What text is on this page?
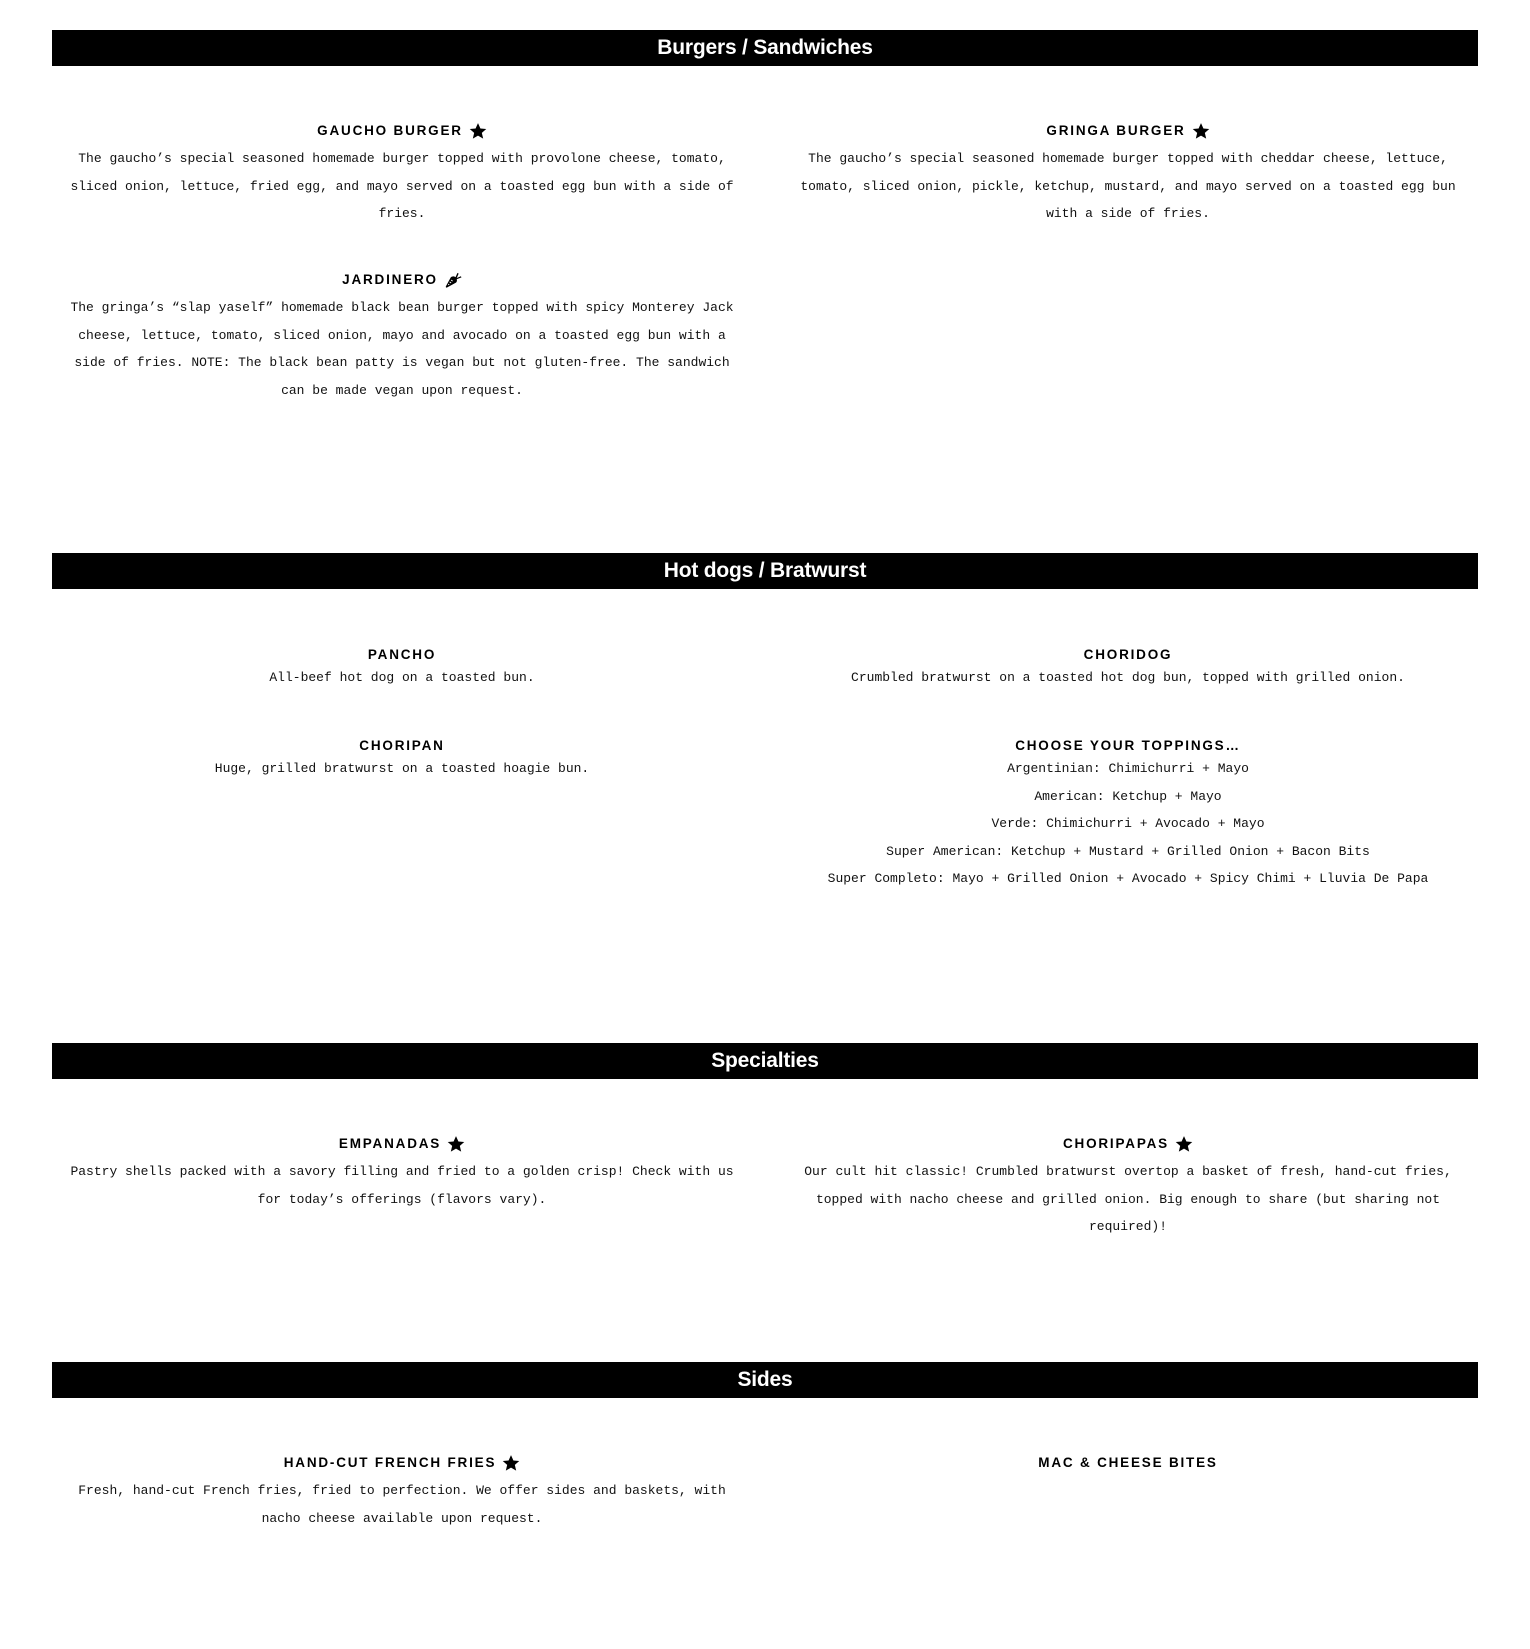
Burgers / Sandwiches
GAUCHO BURGER
The gaucho’s special seasoned homemade burger topped with provolone cheese, tomato, sliced onion, lettuce, fried egg, and mayo served on a toasted egg bun with a side of fries.
GRINGA BURGER
The gaucho’s special seasoned homemade burger topped with cheddar cheese, lettuce, tomato, sliced onion, pickle, ketchup, mustard, and mayo served on a toasted egg bun with a side of fries.
JARDINERO
The gringa’s “slap yaself” homemade black bean burger topped with spicy Monterey Jack cheese, lettuce, tomato, sliced onion, mayo and avocado on a toasted egg bun with a side of fries. NOTE: The black bean patty is vegan but not gluten-free. The sandwich can be made vegan upon request.
Hot dogs / Bratwurst
PANCHO
All-beef hot dog on a toasted bun.
CHORIDOG
Crumbled bratwurst on a toasted hot dog bun, topped with grilled onion.
CHORIPAN
Huge, grilled bratwurst on a toasted hoagie bun.
CHOOSE YOUR TOPPINGS…
Argentinian: Chimichurri + Mayo
American: Ketchup + Mayo
Verde: Chimichurri + Avocado + Mayo
Super American: Ketchup + Mustard + Grilled Onion + Bacon Bits
Super Completo: Mayo + Grilled Onion + Avocado + Spicy Chimi + Lluvia De Papa
Specialties
EMPANADAS
Pastry shells packed with a savory filling and fried to a golden crisp! Check with us for today’s offerings (flavors vary).
CHORIPAPAS
Our cult hit classic! Crumbled bratwurst overtop a basket of fresh, hand-cut fries, topped with nacho cheese and grilled onion. Big enough to share (but sharing not required)!
Sides
HAND-CUT FRENCH FRIES
Fresh, hand-cut French fries, fried to perfection. We offer sides and baskets, with nacho cheese available upon request.
MAC & CHEESE BITES
